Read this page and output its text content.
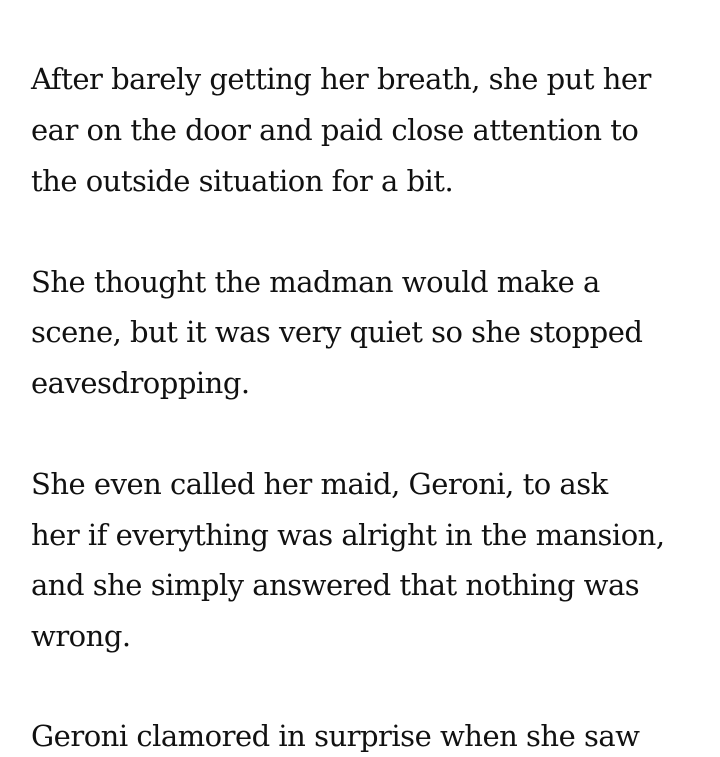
After barely getting her breath, she put her

ear on the door and paid close attention to

the outside situation for a bit.

She thought the madman would make a

scene, but it was very quiet so she stopped

eavesdropping.

She even called her maid, Geroni, to ask

her if everything was alright in the mansion,

and she simply answered that nothing was

wrong.

Geroni clamored in surprise when she saw
